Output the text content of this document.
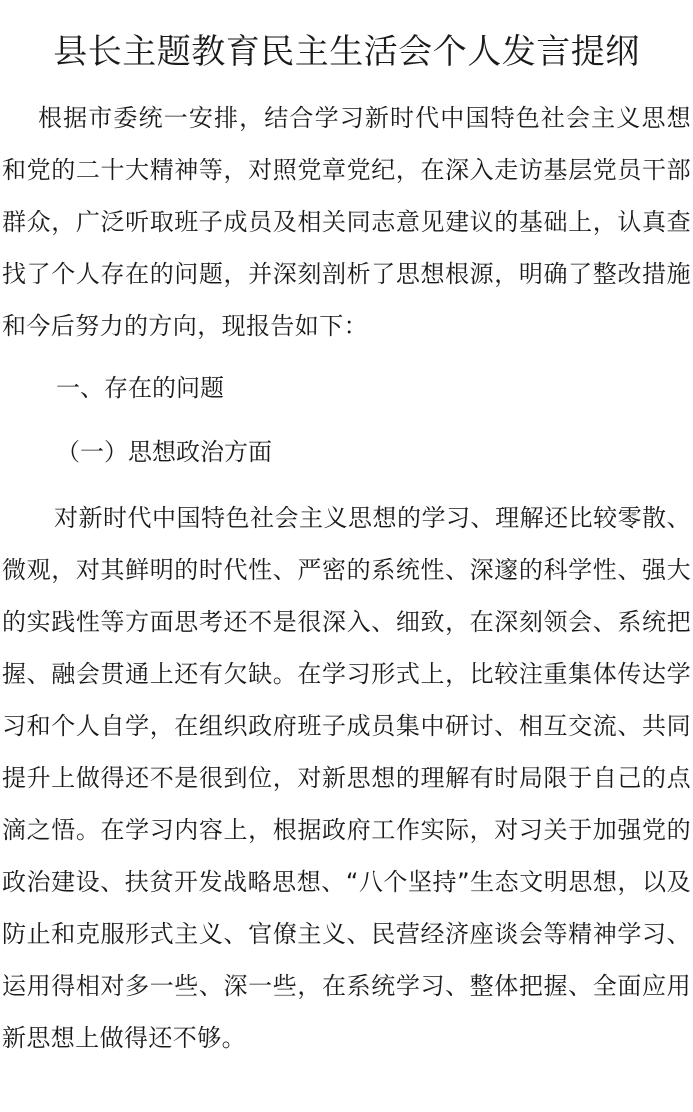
县长主题教育民主生活会个人发言提纲

根据市委统一安排，结合学习新时代中国特色社会主义思想和党的二十大精神等，对照党章党纪，在深入走访基层党员干部群众，广泛听取班子成员及相关同志意见建议的基础上，认真查找了个人存在的问题，并深刻剖析了思想根源，明确了整改措施和今后努力的方向，现报告如下：

一、存在的问题
（一）思想政治方面

对新时代中国特色社会主义思想的学习、理解还比较零散、微观，对其鲜明的时代性、严密的系统性、深邃的科学性、强大的实践性等方面思考还不是很深入、细致，在深刻领会、系统把握、融会贯通上还有欠缺。在学习形式上，比较注重集体传达学习和个人自学，在组织政府班子成员集中研讨、相互交流、共同提升上做得还不是很到位，对新思想的理解有时局限于自己的点滴之悟。在学习内容上，根据政府工作实际，对习关于加强党的政治建设、扶贫开发战略思想、“八个坚持”生态文明思想，以及防止和克服形式主义、官僚主义、民营经济座谈会等精神学习、运用得相对多一些、深一些，在系统学习、整体把握、全面应用新思想上做得还不够。
